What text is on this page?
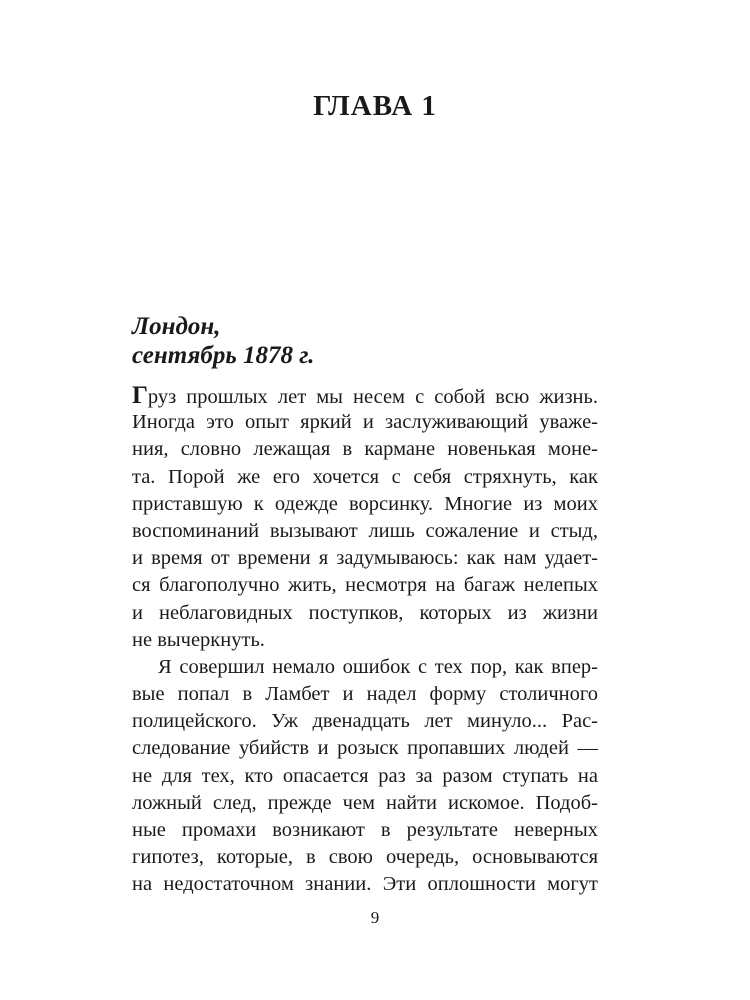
ГЛАВА 1
Лондон,
сентябрь 1878 г.
Груз прошлых лет мы несем с собой всю жизнь.
Иногда это опыт яркий и заслуживающий уваже-
ния, словно лежащая в кармане новенькая моне-
та. Порой же его хочется с себя стряхнуть, как
приставшую к одежде ворсинку. Многие из моих
воспоминаний вызывают лишь сожаление и стыд,
и время от времени я задумываюсь: как нам удает-
ся благополучно жить, несмотря на багаж нелепых
и неблаговидных поступков, которых из жизни
не вычеркнуть.
Я совершил немало ошибок с тех пор, как впер-
вые попал в Ламбет и надел форму столичного
полицейского. Уж двенадцать лет минуло... Рас-
следование убийств и розыск пропавших людей —
не для тех, кто опасается раз за разом ступать на
ложный след, прежде чем найти искомое. Подоб-
ные промахи возникают в результате неверных
гипотез, которые, в свою очередь, основываются
на недостаточном знании. Эти оплошности могут

9
